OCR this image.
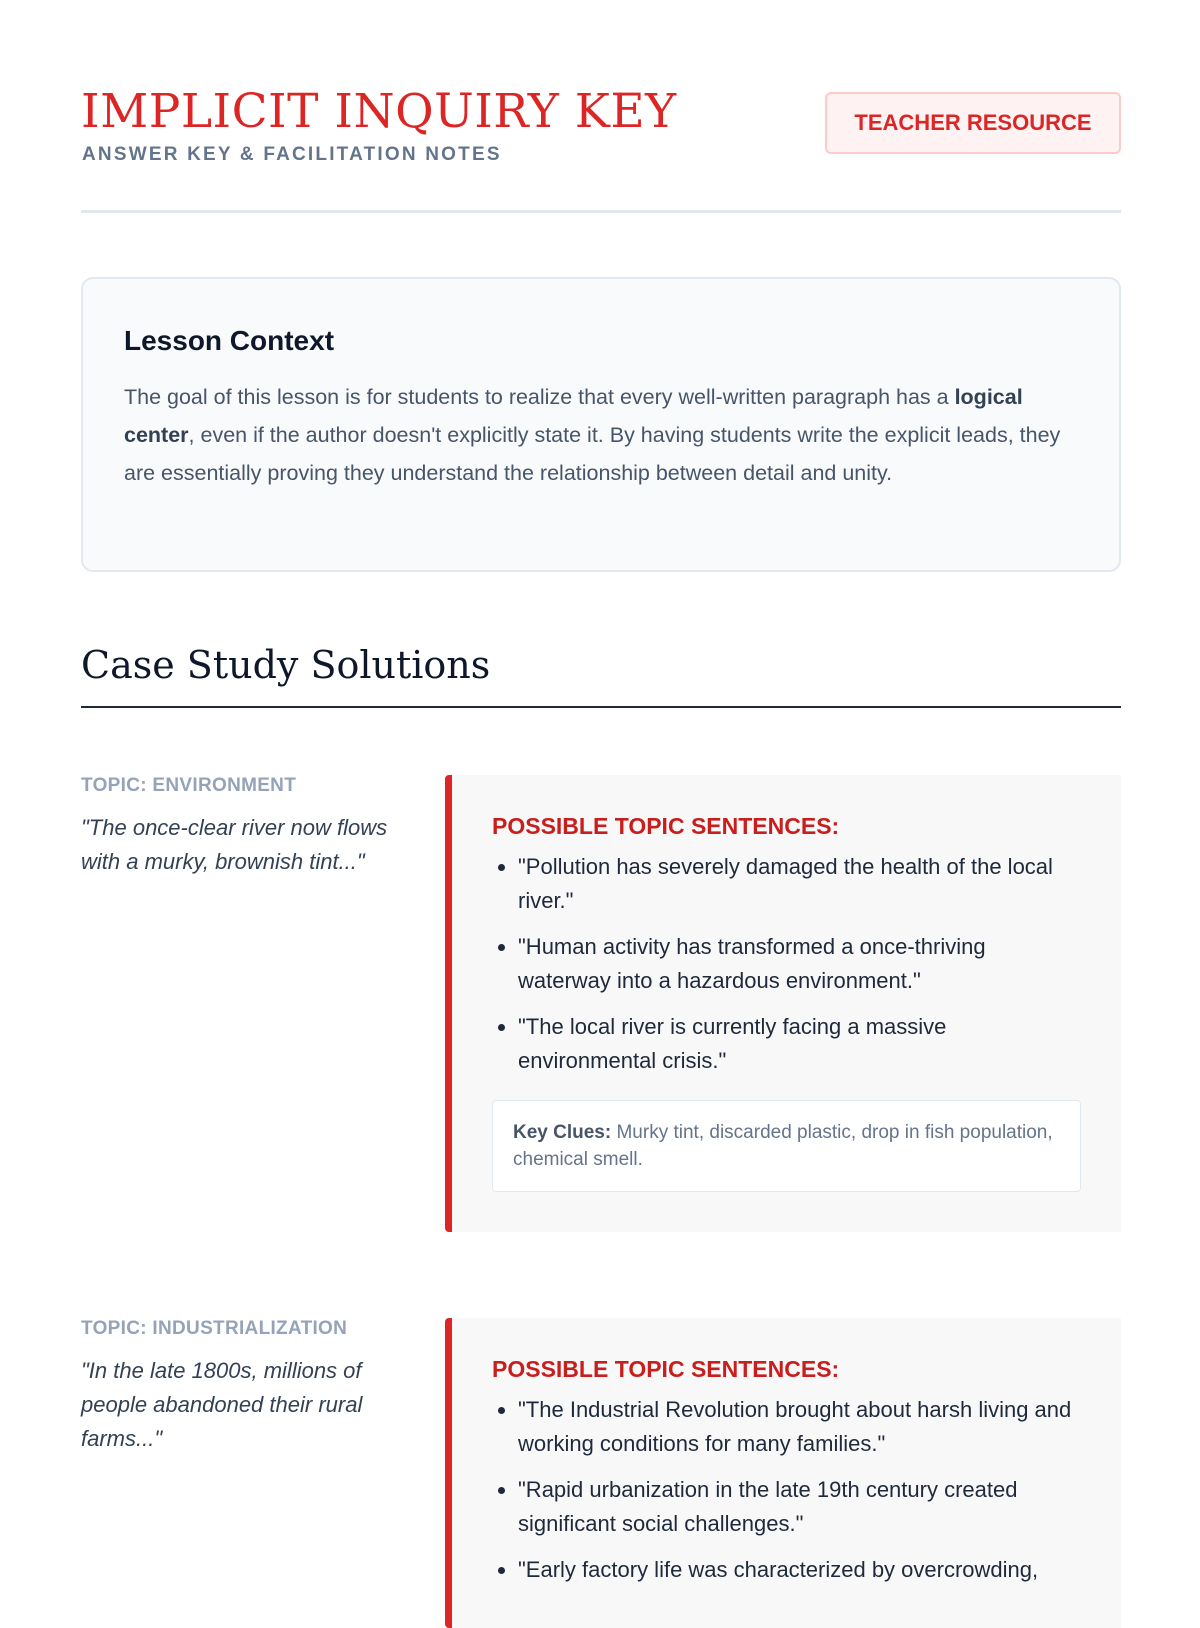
IMPLICIT INQUIRY KEY
ANSWER KEY & FACILITATION NOTES
TEACHER RESOURCE
Lesson Context

The goal of this lesson is for students to realize that every well-written paragraph has a logical center, even if the author doesn't explicitly state it. By having students write the explicit leads, they are essentially proving they understand the relationship between detail and unity.

Case Study Solutions
TOPIC: ENVIRONMENT
"The once-clear river now flows with a murky, brownish tint..."
POSSIBLE TOPIC SENTENCES:
• "Pollution has severely damaged the health of the local river."
• "Human activity has transformed a once-thriving waterway into a hazardous environment."
• "The local river is currently facing a massive environmental crisis."
Key Clues: Murky tint, discarded plastic, drop in fish population, chemical smell.
TOPIC: INDUSTRIALIZATION
"In the late 1800s, millions of people abandoned their rural farms..."
POSSIBLE TOPIC SENTENCES:
• "The Industrial Revolution brought about harsh living and working conditions for many families."
• "Rapid urbanization in the late 19th century created significant social challenges."
• "Early factory life was characterized by overcrowding,
